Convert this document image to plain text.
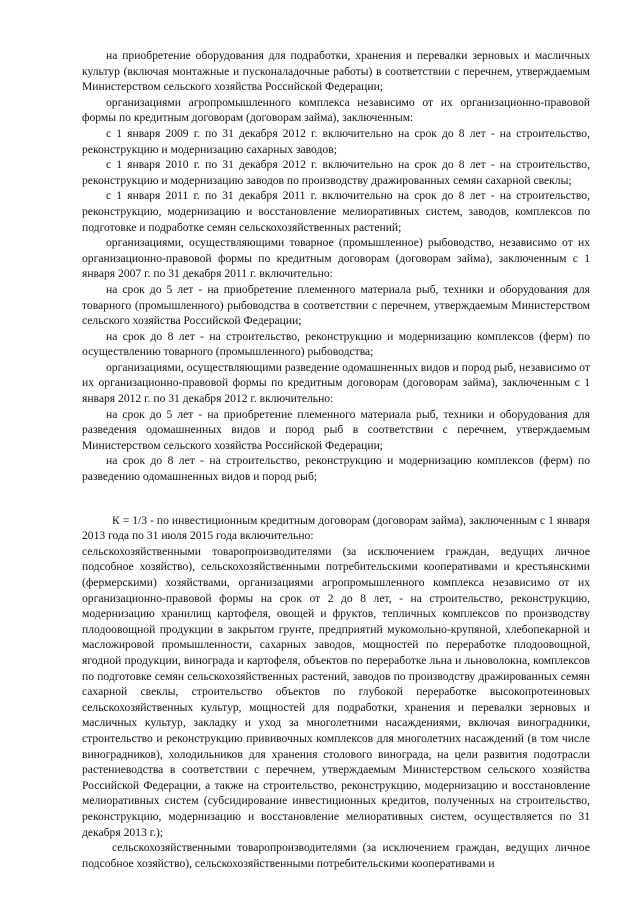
на приобретение оборудования для подработки, хранения и перевалки зерновых и масличных культур (включая монтажные и пусконаладочные работы) в соответствии с перечнем, утверждаемым Министерством сельского хозяйства Российской Федерации;

организациями агропромышленного комплекса независимо от их организационно-правовой формы по кредитным договорам (договорам займа), заключенным:

с 1 января 2009 г. по 31 декабря 2012 г. включительно на срок до 8 лет - на строительство, реконструкцию и модернизацию сахарных заводов;

с 1 января 2010 г. по 31 декабря 2012 г. включительно на срок до 8 лет - на строительство, реконструкцию и модернизацию заводов по производству дражированных семян сахарной свеклы;

с 1 января 2011 г. по 31 декабря 2011 г. включительно на срок до 8 лет - на строительство, реконструкцию, модернизацию и восстановление мелиоративных систем, заводов, комплексов по подготовке и подработке семян сельскохозяйственных растений;

организациями, осуществляющими товарное (промышленное) рыбоводство, независимо от их организационно-правовой формы по кредитным договорам (договорам займа), заключенным с 1 января 2007 г. по 31 декабря 2011 г. включительно:

на срок до 5 лет - на приобретение племенного материала рыб, техники и оборудования для товарного (промышленного) рыбоводства в соответствии с перечнем, утверждаемым Министерством сельского хозяйства Российской Федерации;

на срок до 8 лет - на строительство, реконструкцию и модернизацию комплексов (ферм) по осуществлению товарного (промышленного) рыбоводства;

организациями, осуществляющими разведение одомашненных видов и пород рыб, независимо от их организационно-правовой формы по кредитным договорам (договорам займа), заключенным с 1 января 2012 г. по 31 декабря 2012 г. включительно:

на срок до 5 лет - на приобретение племенного материала рыб, техники и оборудования для разведения одомашненных видов и пород рыб в соответствии с перечнем, утверждаемым Министерством сельского хозяйства Российской Федерации;

на срок до 8 лет - на строительство, реконструкцию и модернизацию комплексов (ферм) по разведению одомашненных видов и пород рыб;

К = 1/3 - по инвестиционным кредитным договорам (договорам займа), заключенным с 1 января 2013 года по 31 июля 2015 года включительно:

сельскохозяйственными товаропроизводителями (за исключением граждан, ведущих личное подсобное хозяйство), сельскохозяйственными потребительскими кооперативами и крестьянскими (фермерскими) хозяйствами, организациями агропромышленного комплекса независимо от их организационно-правовой формы на срок от 2 до 8 лет, - на строительство, реконструкцию, модернизацию хранилищ картофеля, овощей и фруктов, тепличных комплексов по производству плодоовощной продукции в закрытом грунте, предприятий мукомольно-крупяной, хлебопекарной и масложировой промышленности, сахарных заводов, мощностей по переработке плодоовощной, ягодной продукции, винограда и картофеля, объектов по переработке льна и льноволокна, комплексов по подготовке семян сельскохозяйственных растений, заводов по производству дражированных семян сахарной свеклы, строительство объектов по глубокой переработке высокопротеиновых сельскохозяйственных культур, мощностей для подработки, хранения и перевалки зерновых и масличных культур, закладку и уход за многолетними насаждениями, включая виноградники, строительство и реконструкцию прививочных комплексов для многолетних насаждений (в том числе виноградников), холодильников для хранения столового винограда, на цели развития подотрасли растениеводства в соответствии с перечнем, утверждаемым Министерством сельского хозяйства Российской Федерации, а также на строительство, реконструкцию, модернизацию и восстановление мелиоративных систем (субсидирование инвестиционных кредитов, полученных на строительство, реконструкцию, модернизацию и восстановление мелиоративных систем, осуществляется по 31 декабря 2013 г.);

сельскохозяйственными товаропроизводителями (за исключением граждан, ведущих личное подсобное хозяйство), сельскохозяйственными потребительскими кооперативами и
